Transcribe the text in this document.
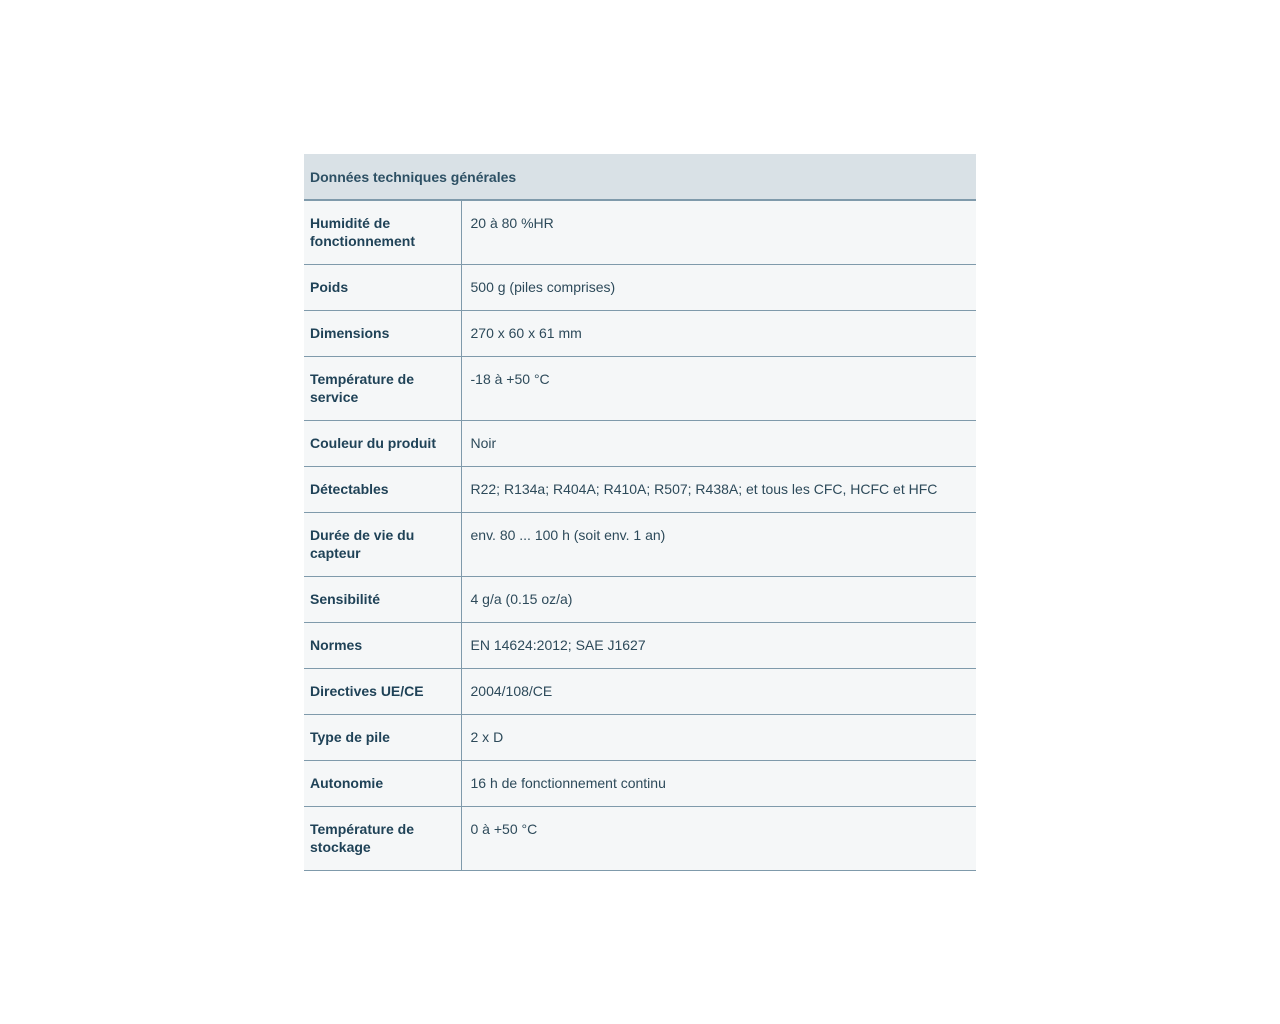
Données techniques générales	
Humidité de fonctionnement	20 à 80 %HR
Poids	500 g (piles comprises)
Dimensions	270 x 60 x 61 mm
Température de service	-18 à +50 °C
Couleur du produit	Noir
Détectables	R22; R134a; R404A; R410A; R507; R438A; et tous les CFC, HCFC et HFC
Durée de vie du capteur	env. 80 ... 100 h (soit env. 1 an)
Sensibilité	4 g/a (0.15 oz/a)
Normes	EN 14624:2012; SAE J1627
Directives UE/CE	2004/108/CE
Type de pile	2 x D
Autonomie	16 h de fonctionnement continu
Température de stockage	0 à +50 °C
